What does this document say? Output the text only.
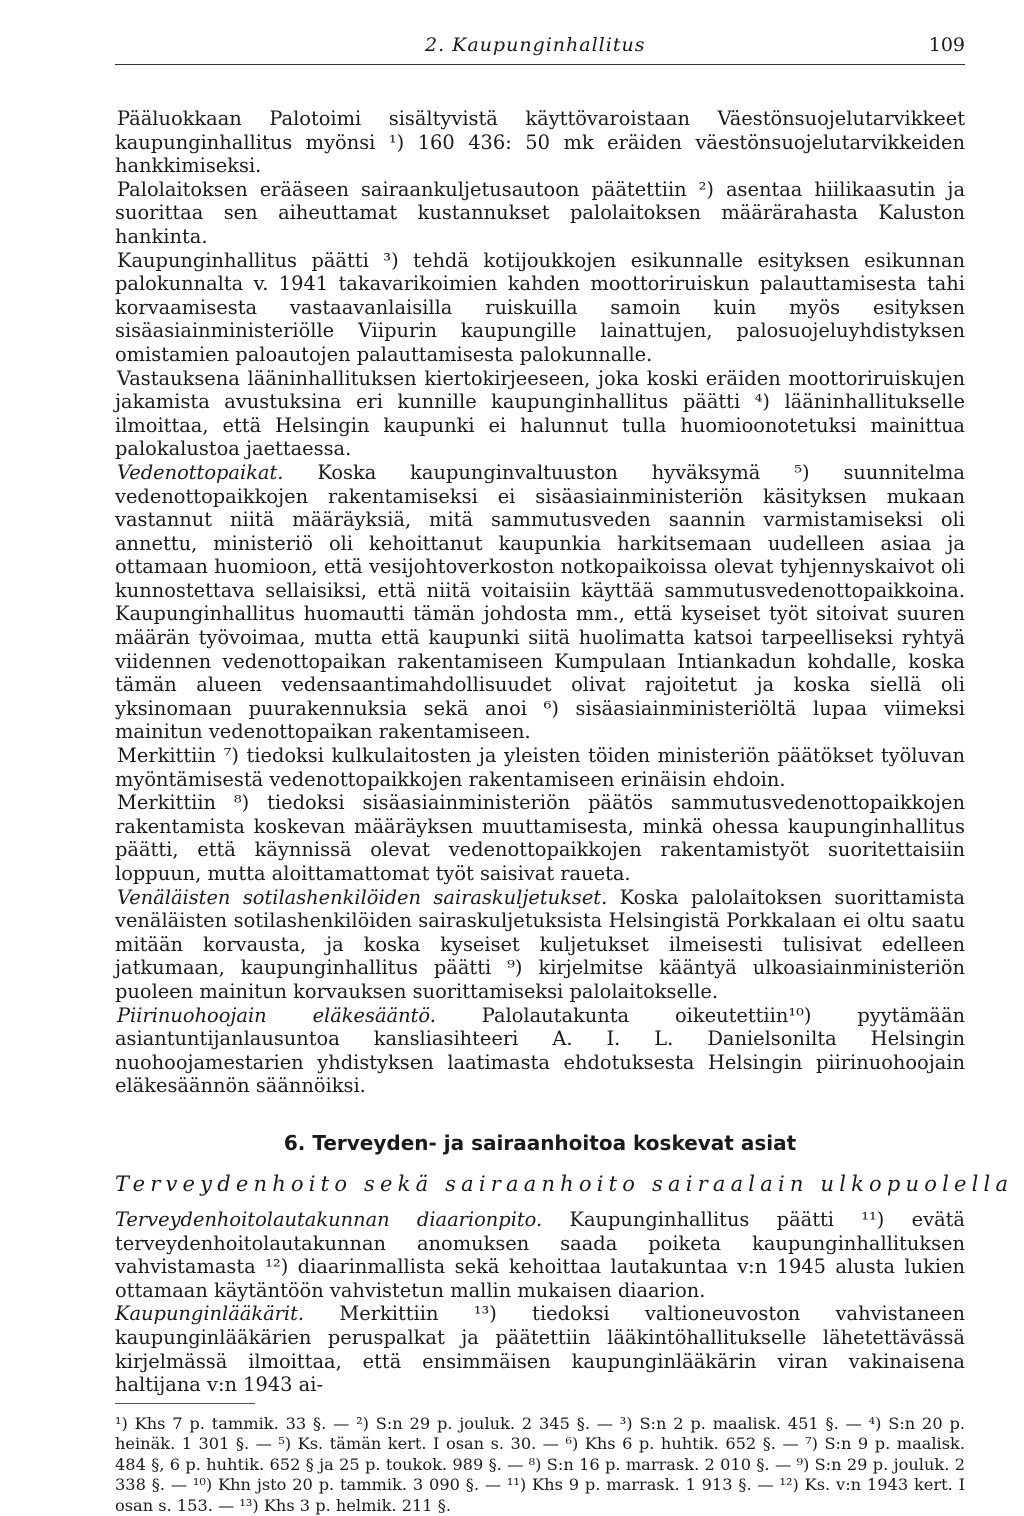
2. Kaupunginhallitus	109

Pääluokkaan Palotoimi sisältyvistä käyttövaroistaan Väestönsuojelutarvikkeet kaupunginhallitus myönsi ¹) 160 436: 50 mk eräiden väestönsuojelutarvikkeiden hankkimiseksi.

Palolaitoksen erääseen sairaankuljetusautoon päätettiin ²) asentaa hiilikaasutin ja suorittaa sen aiheuttamat kustannukset palolaitoksen määrärahasta Kaluston hankinta.

Kaupunginhallitus päätti ³) tehdä kotijoukkojen esikunnalle esityksen esikunnan palokunnalta v. 1941 takavarikoimien kahden moottoriruiskun palauttamisesta tahi korvaamisesta vastaavanlaisilla ruiskuilla samoin kuin myös esityksen sisäasiainministeriölle Viipurin kaupungille lainattujen, palosuojeluyhdistyksen omistamien paloautojen palauttamisesta palokunnalle.

Vastauksena lääninhallituksen kiertokirjeeseen, joka koski eräiden moottoriruiskujen jakamista avustuksina eri kunnille kaupunginhallitus päätti ⁴) lääninhallitukselle ilmoittaa, että Helsingin kaupunki ei halunnut tulla huomioonotetuksi mainittua palokalustoa jaettaessa.

Vedenottopaikat. Koska kaupunginvaltuuston hyväksymä ⁵) suunnitelma vedenottopaikkojen rakentamiseksi ei sisäasiainministeriön käsityksen mukaan vastannut niitä määräyksiä, mitä sammutusveden saannin varmistamiseksi oli annettu, ministeriö oli kehoittanut kaupunkia harkitsemaan uudelleen asiaa ja ottamaan huomioon, että vesijohtoverkoston notkopaikoissa olevat tyhjennyskaivot oli kunnostettava sellaisiksi, että niitä voitaisiin käyttää sammutusvedenottopaikkoina. Kaupunginhallitus huomautti tämän johdosta mm., että kyseiset työt sitoivat suuren määrän työvoimaa, mutta että kaupunki siitä huolimatta katsoi tarpeelliseksi ryhtyä viidennen vedenottopaikan rakentamiseen Kumpulaan Intiankadun kohdalle, koska tämän alueen vedensaantimahdollisuudet olivat rajoitetut ja koska siellä oli yksinomaan puurakennuksia sekä anoi ⁶) sisäasiainministeriöltä lupaa viimeksi mainitun vedenottopaikan rakentamiseen.

Merkittiin ⁷) tiedoksi kulkulaitosten ja yleisten töiden ministeriön päätökset työluvan myöntämisestä vedenottopaikkojen rakentamiseen erinäisin ehdoin.

Merkittiin ⁸) tiedoksi sisäasiainministeriön päätös sammutusvedenottopaikkojen rakentamista koskevan määräyksen muuttamisesta, minkä ohessa kaupunginhallitus päätti, että käynnissä olevat vedenottopaikkojen rakentamistyöt suoritettaisiin loppuun, mutta aloittamattomat työt saisivat raueta.

Venäläisten sotilashenkilöiden sairaskuljetukset. Koska palolaitoksen suorittamista venäläisten sotilashenkilöiden sairaskuljetuksista Helsingistä Porkkalaan ei oltu saatu mitään korvausta, ja koska kyseiset kuljetukset ilmeisesti tulisivat edelleen jatkumaan, kaupunginhallitus päätti ⁹) kirjelmitse kääntyä ulkoasiainministeriön puoleen mainitun korvauksen suorittamiseksi palolaitokselle.

Piirinuohoojain eläkesääntö. Palolautakunta oikeutettiin¹⁰) pyytämään asiantuntijanlausuntoa kansliasihteeri A. I. L. Danielsonilta Helsingin nuohoojamestarien yhdistyksen laatimasta ehdotuksesta Helsingin piirinuohoojain eläkesäännön säännöiksi.

6. Terveyden- ja sairaanhoitoa koskevat asiat
Terveydenhoito sekä sairaanhoito sairaalain ulkopuolella

Terveydenhoitolautakunnan diaarionpito. Kaupunginhallitus päätti ¹¹) evätä terveydenhoitolautakunnan anomuksen saada poiketa kaupunginhallituksen vahvistamasta ¹²) diaarinmallista sekä kehoittaa lautakuntaa v:n 1945 alusta lukien ottamaan käytäntöön vahvistetun mallin mukaisen diaarion.

Kaupunginlääkärit. Merkittiin ¹³) tiedoksi valtioneuvoston vahvistaneen kaupunginlääkärien peruspalkat ja päätettiin lääkintöhallitukselle lähetettävässä kirjelmässä ilmoittaa, että ensimmäisen kaupunginlääkärin viran vakinaisena haltijana v:n 1943 ai-

¹) Khs 7 p. tammik. 33 §. — ²) S:n 29 p. jouluk. 2 345 §. — ³) S:n 2 p. maalisk. 451 §. — ⁴) S:n 20 p. heinäk. 1 301 §. — ⁵) Ks. tämän kert. I osan s. 30. — ⁶) Khs 6 p. huhtik. 652 §. — ⁷) S:n 9 p. maalisk. 484 §, 6 p. huhtik. 652 § ja 25 p. toukok. 989 §. — ⁸) S:n 16 p. marrask. 2 010 §. — ⁹) S:n 29 p. jouluk. 2 338 §. — ¹⁰) Khn jsto 20 p. tammik. 3 090 §. — ¹¹) Khs 9 p. marrask. 1 913 §. — ¹²) Ks. v:n 1943 kert. I osan s. 153. — ¹³) Khs 3 p. helmik. 211 §.
